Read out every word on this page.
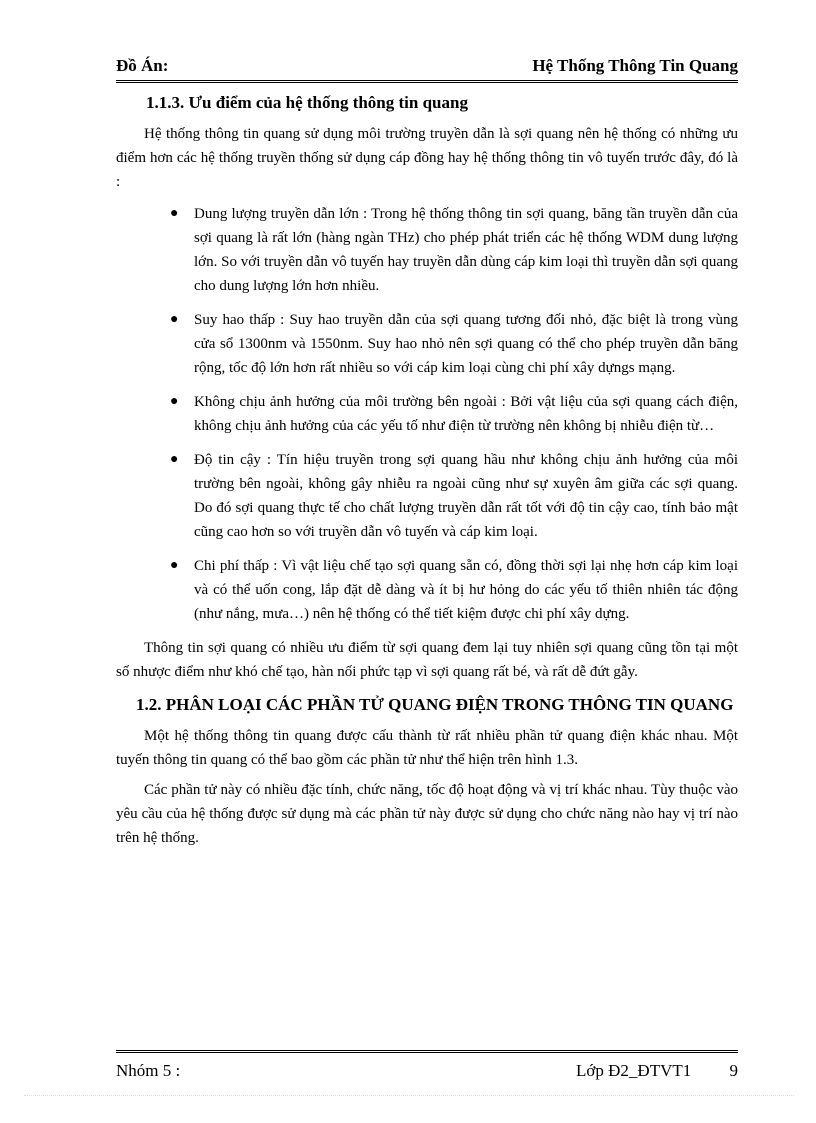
Đồ Án:	Hệ Thống Thông Tin Quang
1.1.3. Ưu điểm của hệ thống thông tin quang

Hệ thống thông tin quang sử dụng môi trường truyền dẫn là sợi quang nên hệ thống có những ưu điểm hơn các hệ thống truyền thống sử dụng cáp đồng hay hệ thống thông tin vô tuyến trước đây, đó là :

● Dung lượng truyền dẫn lớn : Trong hệ thống thông tin sợi quang, băng tần truyền dẫn của sợi quang là rất lớn (hàng ngàn THz) cho phép phát triển các hệ thống WDM dung lượng lớn. So với truyền dẫn vô tuyến hay truyền dẫn dùng cáp kim loại thì truyền dẫn sợi quang cho dung lượng lớn hơn nhiều.
● Suy hao thấp : Suy hao truyền dẫn của sợi quang tương đối nhỏ, đặc biệt là trong vùng cửa sổ 1300nm và 1550nm. Suy hao nhỏ nên sợi quang có thể cho phép truyền dẫn băng rộng, tốc độ lớn hơn rất nhiều so với cáp kim loại cùng chi phí xây dựngs mạng.
● Không chịu ảnh hưởng của môi trường bên ngoài : Bởi vật liệu của sợi quang cách điện, không chịu ảnh hưởng của các yếu tố như điện từ trường nên không bị nhiễu điện từ…
● Độ tin cậy : Tín hiệu truyền trong sợi quang hầu như không chịu ảnh hưởng của môi trường bên ngoài, không gây nhiễu ra ngoài cũng như sự xuyên âm giữa các sợi quang. Do đó sợi quang thực tế cho chất lượng truyền dẫn rất tốt với độ tin cậy cao, tính bảo mật cũng cao hơn so với truyền dẫn vô tuyến và cáp kim loại.
● Chi phí thấp : Vì vật liệu chế tạo sợi quang sẵn có, đồng thời sợi lại nhẹ hơn cáp kim loại và có thể uốn cong, lắp đặt dễ dàng và ít bị hư hỏng do các yếu tố thiên nhiên tác động (như nắng, mưa…) nên hệ thống có thể tiết kiệm được chi phí xây dựng.

Thông tin sợi quang có nhiều ưu điểm từ sợi quang đem lại tuy nhiên sợi quang cũng tồn tại một số nhược điểm như khó chế tạo, hàn nối phức tạp vì sợi quang rất bé, và rất dễ đứt gẫy.

1.2. PHÂN LOẠI CÁC PHẦN TỬ QUANG ĐIỆN TRONG THÔNG TIN QUANG

Một hệ thống thông tin quang được cấu thành từ rất nhiều phần tử quang điện khác nhau. Một tuyến thông tin quang có thể bao gồm các phần tử như thể hiện trên hình 1.3.

Các phần tử này có nhiều đặc tính, chức năng, tốc độ hoạt động và vị trí khác nhau. Tùy thuộc vào yêu cầu của hệ thống được sử dụng mà các phần tử này được sử dụng cho chức năng nào hay vị trí nào trên hệ thống.

Nhóm 5 :	Lớp Đ2_ĐTVT1 9
